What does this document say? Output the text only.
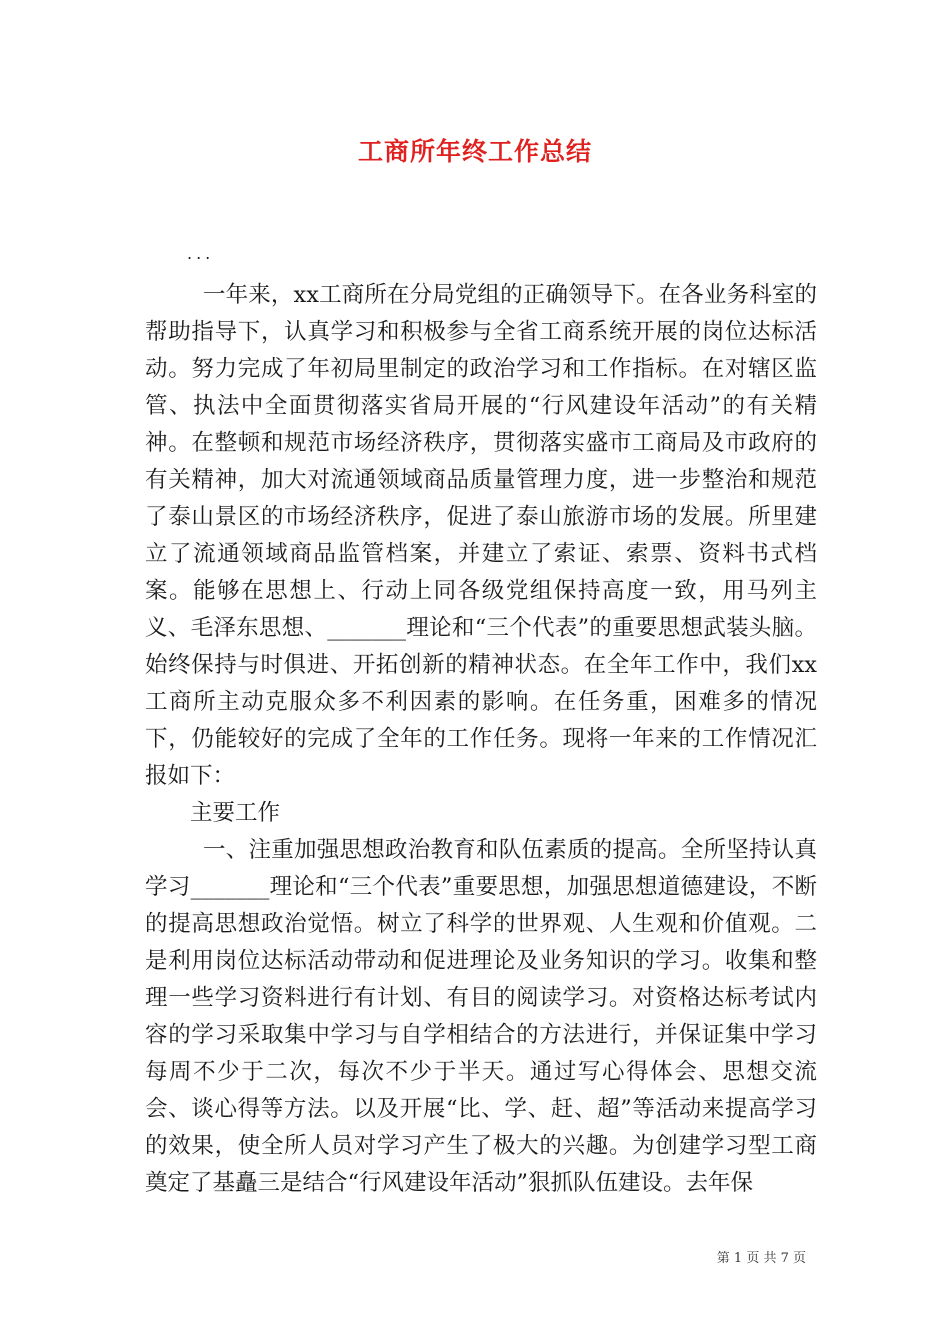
工商所年终工作总结
...

一年来，xx工商所在分局党组的正确领导下。在各业务科室的帮助指导下，认真学习和积极参与全省工商系统开展的岗位达标活动。努力完成了年初局里制定的政治学习和工作指标。在对辖区监管、执法中全面贯彻落实省局开展的“行风建设年活动”的有关精神。在整顿和规范市场经济秩序，贯彻落实盛市工商局及市政府的有关精神，加大对流通领域商品质量管理力度，进一步整治和规范了泰山景区的市场经济秩序，促进了泰山旅游市场的发展。所里建立了流通领域商品监管档案，并建立了索证、索票、资料书式档案。能够在思想上、行动上同各级党组保持高度一致，用马列主义、毛泽东思想、_______理论和“三个代表”的重要思想武装头脑。始终保持与时俱进、开拓创新的精神状态。在全年工作中，我们xx工商所主动克服众多不利因素的影响。在任务重，困难多的情况下，仍能较好的完成了全年的工作任务。现将一年来的工作情况汇报如下：

主要工作

一、注重加强思想政治教育和队伍素质的提高。全所坚持认真学习_______理论和“三个代表”重要思想，加强思想道德建设，不断的提高思想政治觉悟。树立了科学的世界观、人生观和价值观。二是利用岗位达标活动带动和促进理论及业务知识的学习。收集和整理一些学习资料进行有计划、有目的阅读学习。对资格达标考试内容的学习采取集中学习与自学相结合的方法进行，并保证集中学习每周不少于二次，每次不少于半天。通过写心得体会、思想交流会、谈心得等方法。以及开展“比、学、赶、超”等活动来提高学习的效果，使全所人员对学习产生了极大的兴趣。为创建学习型工商奠定了基矗三是结合“行风建设年活动”狠抓队伍建设。去年保

第 1 页 共 7 页
